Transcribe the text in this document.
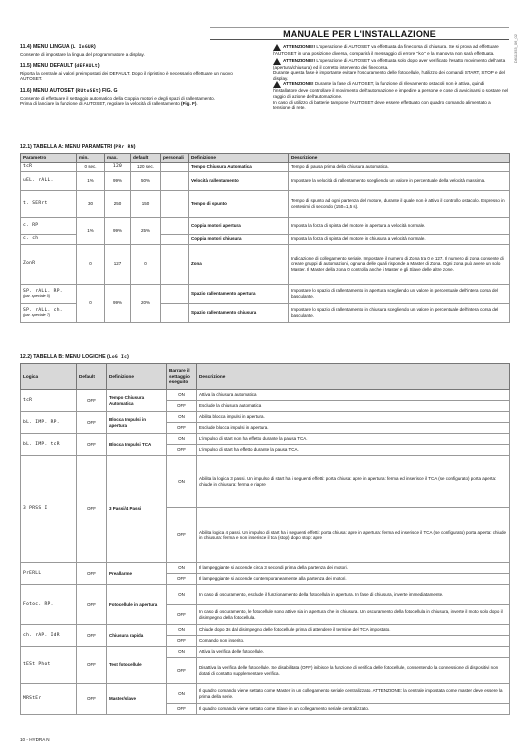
MANUALE PER L'INSTALLAZIONE	D811353_06_02
11.4) MENU LINGUA (L InGUR)

Consente di impostare la lingua del programmatore a display.

11.5) MENU DEFAULT (dEFAULt)

Riporta la centrale ai valori preimpostati dei DEFAULT. Dopo il ripristino è necessario effettuare un nuovo AUTOSET.

11.6) MENU AUTOSET (RUtoSEt) FIG. G

Consente di effettuare il settaggio automatico della Coppia motori e degli spazi di rallentamento.

Prima di lanciare la funzione di AUTOSET, regolare la velocità di rallentamento (Fig. F).

ATTENZIONE!! L'operazione di AUTOSET va effettuata da finecorsa di chiusura. Se si prova ad effettuare l'AUTOSET in una posizione diversa, comparirà il messaggio di errore "ko" e la manovra non sarà effettuata.

ATTENZIONE!! L'operazione di AUTOSET va effettuata solo dopo aver verificato l'esatto movimento dell'anta (apertura/chiusura) ed il corretto intervento dei finecorsa.

Durante questa fase è importante evitare l'oscuramento delle fotocellule, l'utilizzo dei comandi START, STOP e del display.

ATTENZIONE! Durante la fase di AUTOSET, la funzione di rilevamento ostacoli non è attiva, quindi l'installatore deve controllare il movimento dell'automazione e impedire a persone e cose di avvicinarsi o sostare nel raggio di azione dell'automazione.

In caso di utilizzo di batterie tampone l'AUTOSET deve essere effettuato con quadro comando alimentato a tensione di rete.

12.1) TABELLA A: MENU PARAMETRI (PRr RN)
Parametro	min.	max.	default	personali	Definizione	Descrizione
tcR	0 sec.	120	120 sec.		Tempo Chiusura Automatica	Tempo di pausa prima della chiusura automatica.
uEL. rALL.	1%	99%	50%		Velocità rallentamento	Impostare la velocità di rallentamento scegliendo un valore in percentuale della velocità massima.
t. SERrt	30	250	150		Tempo di spunto	Tempo di spunto ad ogni partenza del motore, durante il quale non è attivo il controllo ostacolo. Espresso in centesimi di secondo (150=1,5 s).
c. RP	1%	99%	25%		Coppia motori apertura	Imposta la forza di spinta del motore in apertura a velocità normale.
c. ch					Coppia motori chiusura	Imposta la forza di spinta del motore in chiusura a velocità normale.
ZonR	0	127	0		Zona	Indicazione di collegamento seriale. Impostare il numero di Zona tra 0 e 127. Il numero di zona consente di creare gruppi di automazioni, ognuna delle quali risponde a Master di Zona. Ogni zona può avere un solo Master. Il Master della zona 0 controlla anche i Master e gli Slave delle altre zone.

SP. rALL. RP.
(par. speciale 0)	0	99%	20%		Spazio rallentamento apertura	Impostare lo spazio di rallentamento in apertura scegliendo un valore in percentuale dell'intera corsa del basculante.

SP. rALL. ch.
(par. speciale 7)					Spazio rallentamento chiusura	Impostare lo spazio di rallentamento in chiusura scegliendo un valore in percentuale dell'intera corsa del basculante.
12.2) TABELLA B: MENU LOGICHE (LoG Ic)
Logica	Default	Definizione	Barrare il settaggio eseguito	Descrizione
tcR	OFF	Tempo Chiusura Automatica	ON	Attiva la chiusura automatica
			OFF	Esclude la chiusura automatica
bL. IMP. RP.	OFF	Blocca Impulsi in apertura	ON	Abilita blocca impulsi in apertura.
			OFF	Esclude blocca impulsi in apertura.
bL. IMP. tcR	OFF	Blocca Impulsi TCA	ON	L'impulso di start non ha effetto durante la pausa TCA.
			OFF	L'impulso di start ha effetto durante la pausa TCA.
3 PRSS I	OFF	3 Passi/4 Passi	ON	Abilita la logica 3 passi. Un impulso di start ha i seguenti effetti: porta chiusa: apre in apertura: ferma ed inserisce il TCA (se configurato) porta aperta: chiude in chiusura: ferma e riapre
			OFF	Abilita logica 4 passi. Un impulso di start ha i seguenti effetti: porta chiusa: apre in apertura: ferma ed inserisce il TCA (se configurato) porta aperta: chiude in chiusura: ferma e non inserisce il tca (stop) dopo stop: apre
PrERLL	OFF	Preallarme	ON	Il lampeggiante si accende circa 3 secondi prima della partenza dei motori.
			OFF	Il lampeggiante si accende contemporaneamente alla partenza dei motori.
Fotoc. RP.	OFF	Fotocellule in apertura	ON	In caso di oscuramento, esclude il funzionamento della fotocellula in apertura. In fase di chiusura, inverte immediatamente.
			OFF	In caso di oscuramento, le fotocellule sono attive sia in apertura che in chiusura. Un oscuramento della fotocellula in chiusura, inverte il moto solo dopo il disimpegno della fotocellula.
ch. rAP. IdR	OFF	Chiusura rapida	ON	Chiude dopo 3s dal disimpegno delle fotocellule prima di attendere il termine del TCA impostato.
			OFF	Comando non inserito.
tESt Phot	OFF	Test fotocellule	ON	Attiva la verifica delle fotocellule.
			OFF	Disattiva la verifica delle fotocellule. Se disabilitata (OFF) inibisce la funzione di verifica delle fotocellule, consentendo la connessione di dispositivi non dotati di contatto supplementare verifica.
MRStEr	OFF	Master/slave	ON	Il quadro comando viene settato come Master in un collegamento seriale centralizzato. ATTENZIONE: la centrale impostata come master deve essere la prima della serie.
			OFF	Il quadro comando viene settato come Slave in un collegamento seriale centralizzato.
10 - HYDRA N
